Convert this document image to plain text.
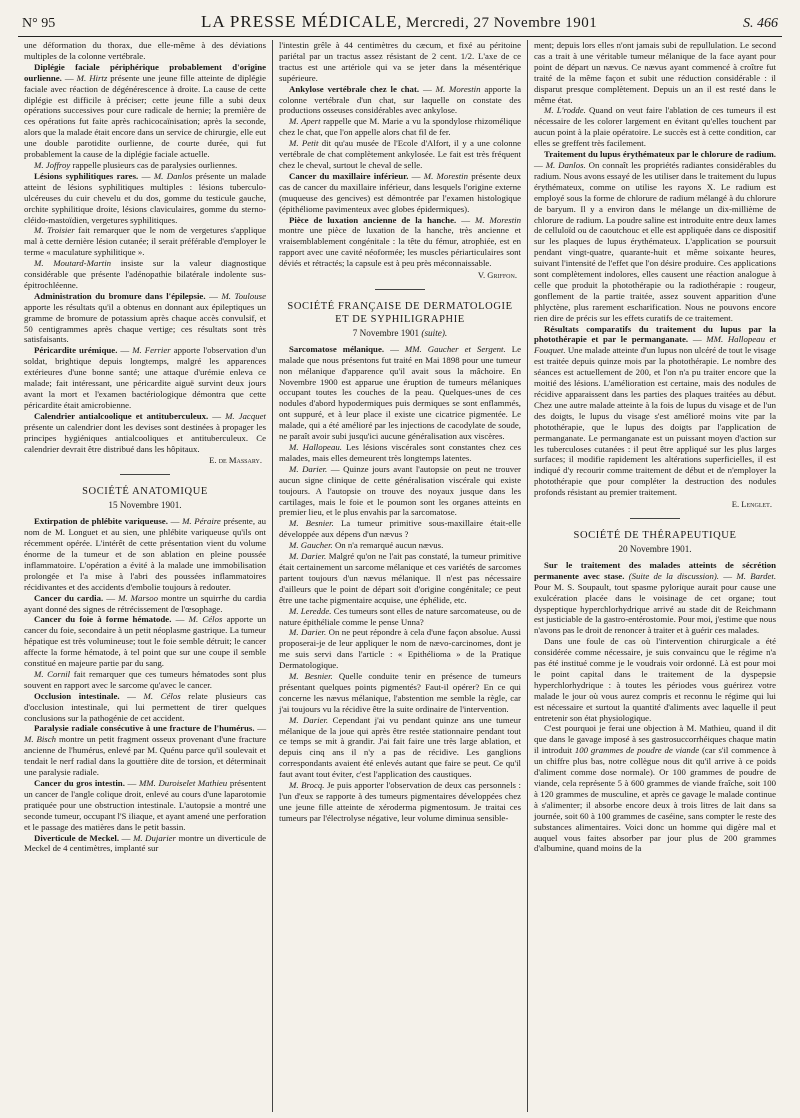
N° 95	LA PRESSE MÉDICALE, Mercredi, 27 Novembre 1901	S. 466

une déformation du thorax, due elle-même à des déviations multiples de la colonne vertébrale.

Diplégie faciale périphérique probablement d'origine ourlienne. — M. Hirtz présente une jeune fille atteinte de diplégie faciale avec réaction de dégénérescence à droite. La cause de cette diplégie est difficile à préciser; cette jeune fille a subi deux opérations successives pour cure radicale de hernie; la première de ces opérations fut faite après rachicocaïnisation; après la seconde, alors que la malade était encore dans un service de chirurgie, elle eut une double parotidite ourlienne, de courte durée, qui fut probablement la cause de la diplégie faciale actuelle.

M. Joffroy rappelle plusieurs cas de paralysies ourliennes.

Lésions syphilitiques rares. — M. Danlos présente un malade atteint de lésions syphilitiques multiples : lésions tuberculo-ulcéreuses du cuir chevelu et du dos, gomme du testicule gauche, orchite syphilitique droite, lésions claviculaires, gomme du sterno-cléido-mastoïdien, vergetures syphilitiques.

M. Troisier fait remarquer que le nom de vergetures s'applique mal à cette dernière lésion cutanée; il serait préférable d'employer le terme « maculature syphilitique ».

M. Moutard-Martin insiste sur la valeur diagnostique considérable que présente l'adénopathie bilatérale indolente sus-épitrochléenne.

Administration du bromure dans l'épilepsie. — M. Toulouse apporte les résultats qu'il a obtenus en donnant aux épileptiques un gramme de bromure de potassium après chaque accès convulsif, et 50 centigrammes après chaque vertige; ces résultats sont très satisfaisants.

Péricardite urémique. — M. Ferrier apporte l'observation d'un soldat, brightique depuis longtemps, malgré les apparences extérieures d'une bonne santé; une attaque d'urémie enleva ce malade; fait intéressant, une péricardite aiguë survint deux jours avant la mort et l'examen bactériologique démontra que cette péricardite était amicrobienne.

Calendrier antialcoolique et antituberculeux. — M. Jacquet présente un calendrier dont les devises sont destinées à propager les principes hygiéniques antialcooliques et antituberculeux. Ce calendrier devrait être distribué dans les hôpitaux.

E. de Massary.
SOCIÉTÉ ANATOMIQUE
15 Novembre 1901.

Extirpation de phlébite variqueuse. — M. Péraire présente, au nom de M. Longuet et au sien, une phlébite variqueuse qu'ils ont récemment opérée. L'intérêt de cette présentation vient du volume énorme de la tumeur et de son ablation en pleine poussée inflammatoire. L'opération a évité à la malade une immobilisation prolongée et l'a mise à l'abri des poussées inflammatoires récidivantes et des accidents d'embolie toujours à redouter.

Cancer du cardia. — M. Marsoo montre un squirrhe du cardia ayant donné des signes de rétrécissement de l'œsophage.

Cancer du foie à forme hématode. — M. Célos apporte un cancer du foie, secondaire à un petit néoplasme gastrique. La tumeur hépatique est très volumineuse; tout le foie semble détruit; le cancer affecte la forme hématode, à tel point que sur une coupe il semble constitué en majeure partie par du sang.

M. Cornil fait remarquer que ces tumeurs hématodes sont plus souvent en rapport avec le sarcome qu'avec le cancer.

Occlusion intestinale. — M. Célos relate plusieurs cas d'occlusion intestinale, qui lui permettent de tirer quelques conclusions sur la pathogénie de cet accident.

Paralysie radiale consécutive à une fracture de l'humérus. — M. Bisch montre un petit fragment osseux provenant d'une fracture ancienne de l'humérus, enlevé par M. Quénu parce qu'il soulevait et tendait le nerf radial dans la gouttière dite de torsion, et déterminait une paralysie radiale.

Cancer du gros intestin. — MM. Duroiselet Mathieu présentent un cancer de l'angle colique droit, enlevé au cours d'une laparotomie pratiquée pour une obstruction intestinale. L'autopsie a montré une seconde tumeur, occupant l'S iliaque, et ayant amené une perforation et le passage des matières dans le petit bassin.

Diverticule de Meckel. — M. Dujarier montre un diverticule de Meckel de 4 centimètres, implanté sur

l'intestin grêle à 44 centimètres du cæcum, et fixé au péritoine pariétal par un tractus assez résistant de 2 cent. 1/2. L'axe de ce tractus est une artériole qui va se jeter dans la mésentérique supérieure.

Ankylose vertébrale chez le chat. — M. Morestin apporte la colonne vertébrale d'un chat, sur laquelle on constate des productions osseuses considérables avec ankylose.

M. Apert rappelle que M. Marie a vu la spondylose rhizomélique chez le chat, que l'on appelle alors chat fil de fer.

M. Petit dit qu'au musée de l'Ecole d'Alfort, il y a une colonne vertébrale de chat complètement ankylosée. Le fait est très fréquent chez le cheval, surtout le cheval de selle.

Cancer du maxillaire inférieur. — M. Morestin présente deux cas de cancer du maxillaire inférieur, dans lesquels l'origine externe (muqueuse des gencives) est démontrée par l'examen histologique (épithéliome pavimenteux avec globes épidermiques).

Pièce de luxation ancienne de la hanche. — M. Morestin montre une pièce de luxation de la hanche, très ancienne et vraisemblablement congénitale : la tête du fémur, atrophiée, est en rapport avec une cavité néoformée; les muscles périarticulaires sont déviés et rétractés; la capsule est à peu près méconnaissable.

V. Griffon.
SOCIÉTÉ FRANÇAISE DE DERMATOLOGIE ET DE SYPHILIGRAPHIE
7 Novembre 1901 (suite).

Sarcomatose mélanique. — MM. Gaucher et Sergent. Le malade que nous présentons fut traité en Mai 1898 pour une tumeur non mélanique d'apparence qu'il avait sous la mâchoire. En Novembre 1900 est apparue une éruption de tumeurs mélaniques occupant toutes les couches de la peau. Quelques-unes de ces nodules d'abord hypodermiques puis dermiques se sont enflammés, ont suppuré, et à leur place il existe une cicatrice pigmentée. Le malade, qui a été amélioré par les injections de cacodylate de soude, ne paraît avoir subi jusqu'ici aucune généralisation aux viscères.

M. Hallopeau. Les lésions viscérales sont constantes chez ces malades, mais elles demeurent très longtemps latentes.

M. Darier. — Quinze jours avant l'autopsie on peut ne trouver aucun signe clinique de cette généralisation viscérale qui existe toujours. A l'autopsie on trouve des noyaux jusque dans les cartilages, mais le foie et le poumon sont les organes atteints en premier lieu, et le plus envahis par la sarcomatose.

M. Besnier. La tumeur primitive sous-maxillaire était-elle développée aux dépens d'un nævus ?

M. Gaucher. On n'a remarqué aucun nævus.

M. Darier. Malgré qu'on ne l'ait pas constaté, la tumeur primitive était certainement un sarcome mélanique et ces variétés de sarcomes partent toujours d'un nævus mélanique. Il n'est pas nécessaire d'ailleurs que le point de départ soit d'origine congénitale; ce peut être une tache pigmentaire acquise, une éphélide, etc.

M. Leredde. Ces tumeurs sont elles de nature sarcomateuse, ou de nature épithéliale comme le pense Unna?

M. Darier. On ne peut répondre à cela d'une façon absolue. Aussi proposerai-je de leur appliquer le nom de nævo-carcinomes, dont je me suis servi dans l'article : « Epithélioma » de la Pratique Dermatologique.

M. Besnier. Quelle conduite tenir en présence de tumeurs présentant quelques points pigmentés? Faut-il opérer? En ce qui concerne les nævus mélanique, l'abstention me semble la règle, car j'ai toujours vu la récidive être la suite ordinaire de l'intervention.

M. Darier. Cependant j'ai vu pendant quinze ans une tumeur mélanique de la joue qui après être restée stationnaire pendant tout ce temps se mit à grandir. J'ai fait faire une très large ablation, et depuis cinq ans il n'y a pas de récidive. Les ganglions correspondants avaient été enlevés autant que faire se peut. Ce qu'il faut avant tout éviter, c'est l'application des caustiques.

M. Brocq. Je puis apporter l'observation de deux cas personnels : l'un d'eux se rapporte à des tumeurs pigmentaires développées chez une jeune fille atteinte de xéroderma pigmentosum. Je traitai ces tumeurs par l'électrolyse négative, leur volume diminua sensible-

ment; depuis lors elles n'ont jamais subi de repullulation. Le second cas a trait à une véritable tumeur mélanique de la face ayant pour point de départ un nævus. Ce nævus ayant commencé à croître fut traité de la même façon et subit une réduction considérable : il disparut presque complètement. Depuis un an il est resté dans le même état.

M. L'rodde. Quand on veut faire l'ablation de ces tumeurs il est nécessaire de les colorer largement en évitant qu'elles touchent par aucun point à la plaie opératoire. Le succès est à cette condition, car elles se greffent très facilement.

Traitement du lupus érythémateux par le chlorure de radium. — M. Danlos. On connaît les propriétés radiantes considérables du radium. Nous avons essayé de les utiliser dans le traitement du lupus érythémateux, comme on utilise les rayons X. Le radium est employé sous la forme de chlorure de radium mélangé à du chlorure de baryum. Il y a environ dans le mélange un dix-millième de chlorure de radium. La poudre saline est introduite entre deux lames de celluloïd ou de caoutchouc et elle est appliquée dans ce dispositif sur les plaques de lupus érythémateux. L'application se poursuit pendant vingt-quatre, quarante-huit et même soixante heures, suivant l'intensité de l'effet que l'on désire produire. Ces applications sont complètement indolores, elles causent une réaction analogue à celle que produit la photothérapie ou la radiothérapie : rougeur, gonflement de la partie traitée, assez souvent apparition d'une phlyctène, plus rarement escharification. Nous ne pouvons encore rien dire de précis sur les effets curatifs de ce traitement.

Résultats comparatifs du traitement du lupus par la photothérapie et par le permanganate. — MM. Hallopeau et Fouquet. Une malade atteinte d'un lupus non ulcéré de tout le visage est traitée depuis quinze mois par la photothérapie. Le nombre des séances est actuellement de 200, et l'on n'a pu traiter encore que la moitié des lésions. L'amélioration est certaine, mais des nodules de récidive apparaissent dans les parties des plaques traitées au début. Chez une autre malade atteinte à la fois de lupus du visage et de l'un des doigts, le lupus du visage s'est amélioré moins vite par la photothérapie, que le lupus des doigts par l'application de permanganate. Le permanganate est un puissant moyen d'action sur les tuberculoses cutanées : il peut être appliqué sur les plus larges surfaces; il modifie rapidement les altérations superficielles, il est indiqué d'y recourir comme traitement de début et de n'employer la photothérapie que pour compléter la destruction des nodules profonds résistant au premier traitement.

E. Lenglet.
SOCIÉTÉ DE THÉRAPEUTIQUE
20 Novembre 1901.

Sur le traitement des malades atteints de sécrétion permanente avec stase. (Suite de la discussion). — M. Bardet. Pour M. S. Soupault, tout spasme pylorique aurait pour cause une exulcération placée dans le voisinage de cet organe; tout dyspeptique hyperchlorhydrique arrivé au stade dit de Reichmann est justiciable de la gastro-entérostomie. Pour moi, j'estime que nous n'avons pas le droit de renoncer à traiter et à guérir ces malades.

Dans une foule de cas où l'intervention chirurgicale a été considérée comme nécessaire, je suis convaincu que le régime n'a pas été institué comme je le voudrais voir ordonné. Là est pour moi le point capital dans le traitement de la dyspepsie hyperchlorhydrique : à toutes les périodes vous guérirez votre malade le jour où vous aurez compris et reconnu le régime qui lui est nécessaire et surtout la quantité d'aliments avec laquelle il peut entretenir son état physiologique.

C'est pourquoi je ferai une objection à M. Mathieu, quand il dit que dans le gavage imposé à ses gastrosuccorrhéiques chaque matin il introduit 100 grammes de poudre de viande (car s'il commence à un chiffre plus bas, notre collègue nous dit qu'il arrive à ce poids d'aliment comme dose normale). Or 100 grammes de poudre de viande, cela représente 5 à 600 grammes de viande fraîche, soit 100 à 120 grammes de musculine, et après ce gavage le malade continue à s'alimenter; il absorbe encore deux à trois litres de lait dans sa journée, soit 60 à 100 grammes de caséine, sans compter le reste des substances alimentaires. Voici donc un homme qui digère mal et auquel vous faites absorber par jour plus de 200 grammes d'albumine, quand moins de la
